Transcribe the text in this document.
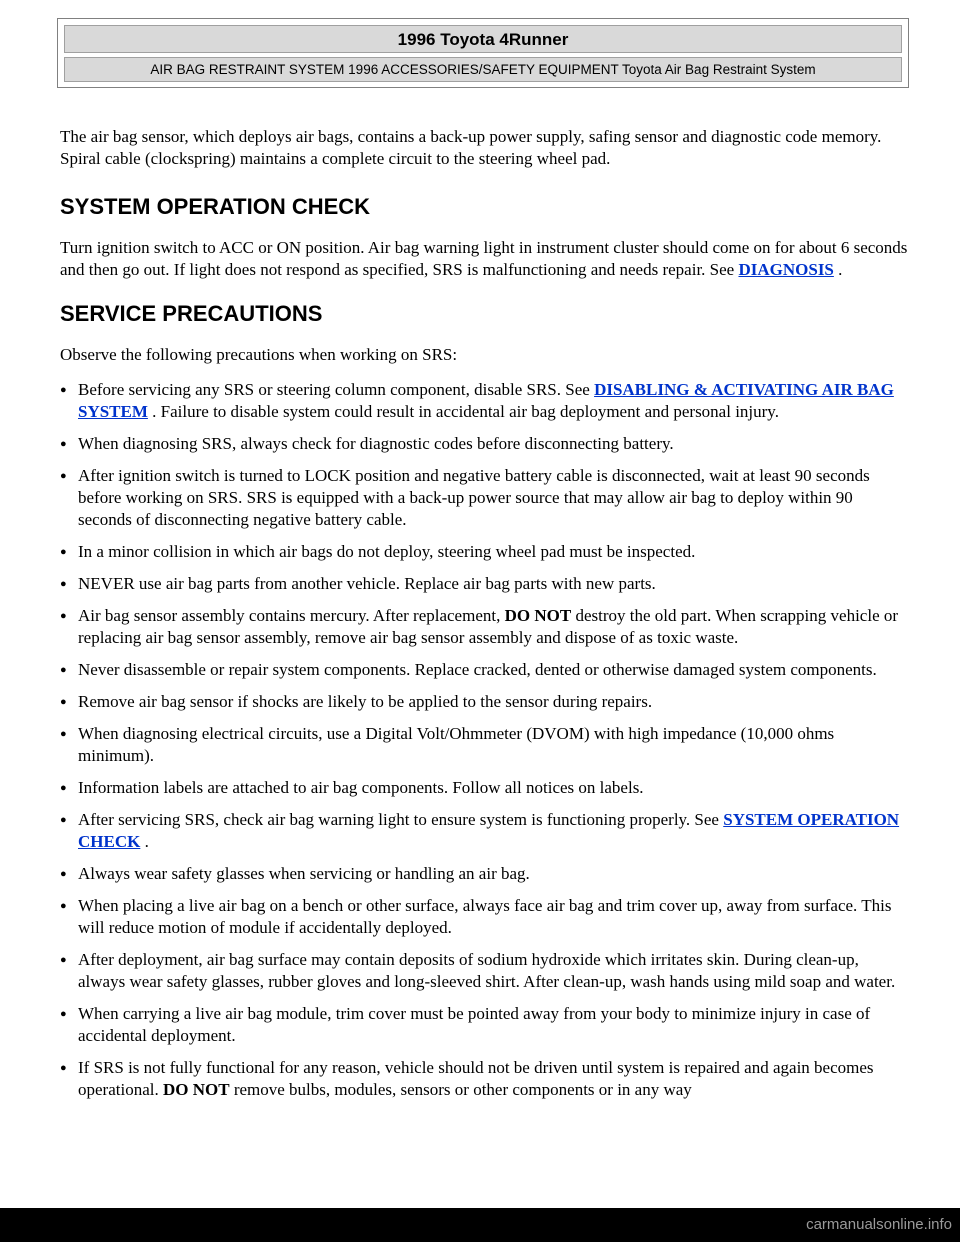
1996 Toyota 4Runner
AIR BAG RESTRAINT SYSTEM 1996 ACCESSORIES/SAFETY EQUIPMENT Toyota Air Bag Restraint System

The air bag sensor, which deploys air bags, contains a back-up power supply, safing sensor and diagnostic code memory. Spiral cable (clockspring) maintains a complete circuit to the steering wheel pad.

SYSTEM OPERATION CHECK

Turn ignition switch to ACC or ON position. Air bag warning light in instrument cluster should come on for about 6 seconds and then go out. If light does not respond as specified, SRS is malfunctioning and needs repair. See DIAGNOSIS .

SERVICE PRECAUTIONS

Observe the following precautions when working on SRS:

● Before servicing any SRS or steering column component, disable SRS. See DISABLING & ACTIVATING AIR BAG SYSTEM . Failure to disable system could result in accidental air bag deployment and personal injury.
● When diagnosing SRS, always check for diagnostic codes before disconnecting battery.
● After ignition switch is turned to LOCK position and negative battery cable is disconnected, wait at least 90 seconds before working on SRS. SRS is equipped with a back-up power source that may allow air bag to deploy within 90 seconds of disconnecting negative battery cable.
● In a minor collision in which air bags do not deploy, steering wheel pad must be inspected.
● NEVER use air bag parts from another vehicle. Replace air bag parts with new parts.
● Air bag sensor assembly contains mercury. After replacement, DO NOT destroy the old part. When scrapping vehicle or replacing air bag sensor assembly, remove air bag sensor assembly and dispose of as toxic waste.
● Never disassemble or repair system components. Replace cracked, dented or otherwise damaged system components.
● Remove air bag sensor if shocks are likely to be applied to the sensor during repairs.
● When diagnosing electrical circuits, use a Digital Volt/Ohmmeter (DVOM) with high impedance (10,000 ohms minimum).
● Information labels are attached to air bag components. Follow all notices on labels.
● After servicing SRS, check air bag warning light to ensure system is functioning properly. See SYSTEM OPERATION CHECK .
● Always wear safety glasses when servicing or handling an air bag.
● When placing a live air bag on a bench or other surface, always face air bag and trim cover up, away from surface. This will reduce motion of module if accidentally deployed.
● After deployment, air bag surface may contain deposits of sodium hydroxide which irritates skin. During clean-up, always wear safety glasses, rubber gloves and long-sleeved shirt. After clean-up, wash hands using mild soap and water.
● When carrying a live air bag module, trim cover must be pointed away from your body to minimize injury in case of accidental deployment.
● If SRS is not fully functional for any reason, vehicle should not be driven until system is repaired and again becomes operational. DO NOT remove bulbs, modules, sensors or other components or in any way
carmanualsonline.info
